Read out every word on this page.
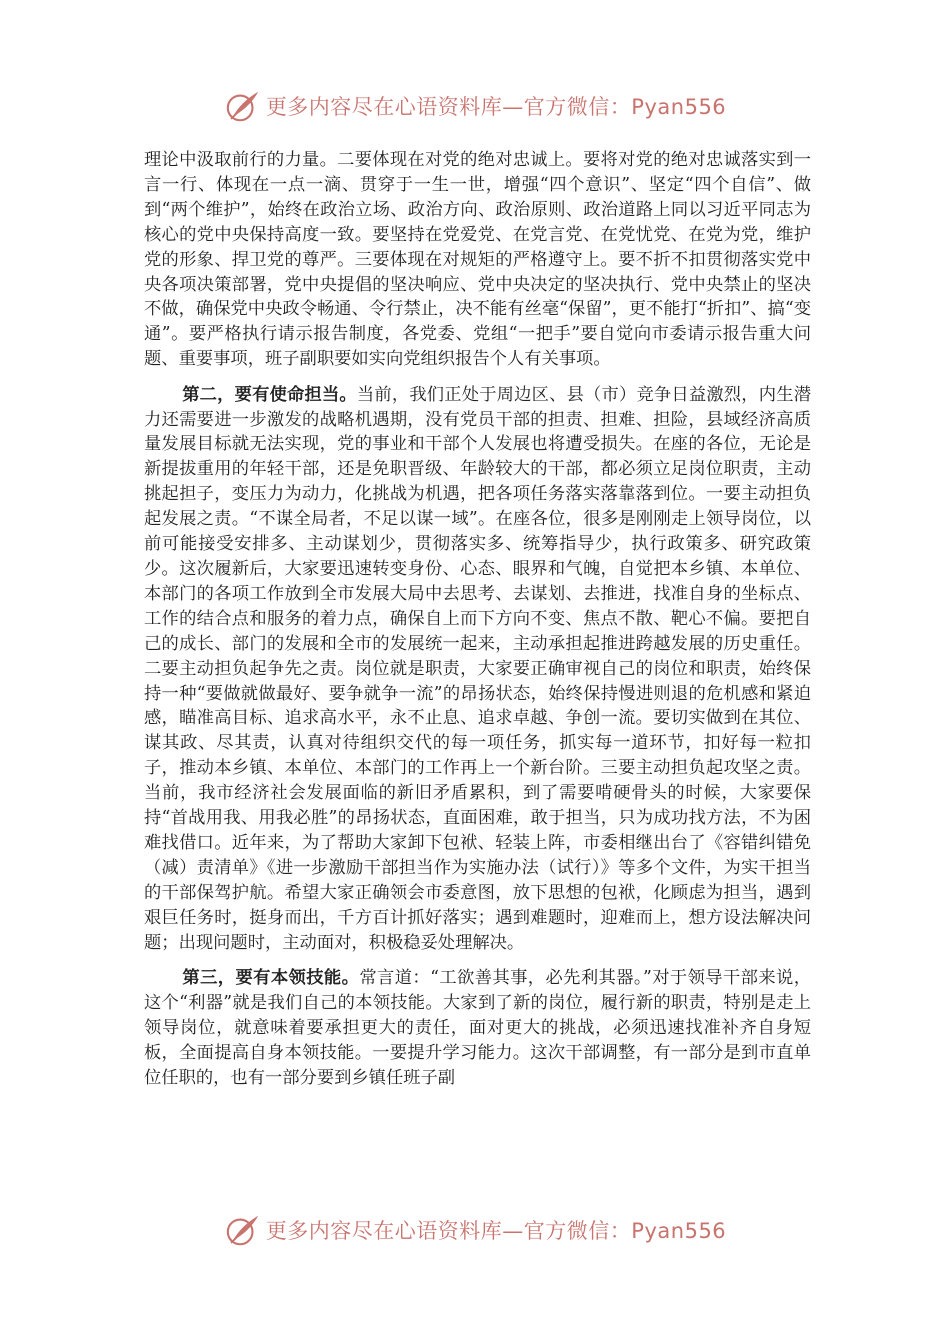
更多内容尽在心语资料库—官方微信：Pyan556

理论中汲取前行的力量。二要体现在对党的绝对忠诚上。要将对党的绝对忠诚落实到一言一行、体现在一点一滴、贯穿于一生一世，增强“四个意识”、坚定“四个自信”、做到“两个维护”，始终在政治立场、政治方向、政治原则、政治道路上同以习近平同志为核心的党中央保持高度一致。要坚持在党爱党、在党言党、在党忧党、在党为党，维护党的形象、捍卫党的尊严。三要体现在对规矩的严格遵守上。要不折不扣贯彻落实党中央各项决策部署，党中央提倡的坚决响应、党中央决定的坚决执行、党中央禁止的坚决不做，确保党中央政令畅通、令行禁止，决不能有丝毫“保留”，更不能打“折扣”、搞“变通”。要严格执行请示报告制度，各党委、党组“一把手”要自觉向市委请示报告重大问题、重要事项，班子副职要如实向党组织报告个人有关事项。

第二，要有使命担当。当前，我们正处于周边区、县（市）竞争日益激烈，内生潜力还需要进一步激发的战略机遇期，没有党员干部的担责、担难、担险，县域经济高质量发展目标就无法实现，党的事业和干部个人发展也将遭受损失。在座的各位，无论是新提拔重用的年轻干部，还是免职晋级、年龄较大的干部，都必须立足岗位职责，主动挑起担子，变压力为动力，化挑战为机遇，把各项任务落实落靠落到位。一要主动担负起发展之责。“不谋全局者，不足以谋一域”。在座各位，很多是刚刚走上领导岗位，以前可能接受安排多、主动谋划少，贯彻落实多、统筹指导少，执行政策多、研究政策少。这次履新后，大家要迅速转变身份、心态、眼界和气魄，自觉把本乡镇、本单位、本部门的各项工作放到全市发展大局中去思考、去谋划、去推进，找准自身的坐标点、工作的结合点和服务的着力点，确保自上而下方向不变、焦点不散、靶心不偏。要把自己的成长、部门的发展和全市的发展统一起来，主动承担起推进跨越发展的历史重任。二要主动担负起争先之责。岗位就是职责，大家要正确审视自己的岗位和职责，始终保持一种“要做就做最好、要争就争一流”的昂扬状态，始终保持慢进则退的危机感和紧迫感，瞄准高目标、追求高水平，永不止息、追求卓越、争创一流。要切实做到在其位、谋其政、尽其责，认真对待组织交代的每一项任务，抓实每一道环节，扣好每一粒扣子，推动本乡镇、本单位、本部门的工作再上一个新台阶。三要主动担负起攻坚之责。当前，我市经济社会发展面临的新旧矛盾累积，到了需要啃硬骨头的时候，大家要保持“首战用我、用我必胜”的昂扬状态，直面困难，敢于担当，只为成功找方法，不为困难找借口。近年来，为了帮助大家卸下包袱、轻装上阵，市委相继出台了《容错纠错免（减）责清单》《进一步激励干部担当作为实施办法（试行）》等多个文件，为实干担当的干部保驾护航。希望大家正确领会市委意图，放下思想的包袱，化顾虑为担当，遇到艰巨任务时，挺身而出，千方百计抓好落实；遇到难题时，迎难而上，想方设法解决问题；出现问题时，主动面对，积极稳妥处理解决。

第三，要有本领技能。常言道：“工欲善其事，必先利其器。”对于领导干部来说，这个“利器”就是我们自己的本领技能。大家到了新的岗位，履行新的职责，特别是走上领导岗位，就意味着要承担更大的责任，面对更大的挑战，必须迅速找准补齐自身短板，全面提高自身本领技能。一要提升学习能力。这次干部调整，有一部分是到市直单位任职的，也有一部分要到乡镇任班子副

更多内容尽在心语资料库—官方微信：Pyan556
